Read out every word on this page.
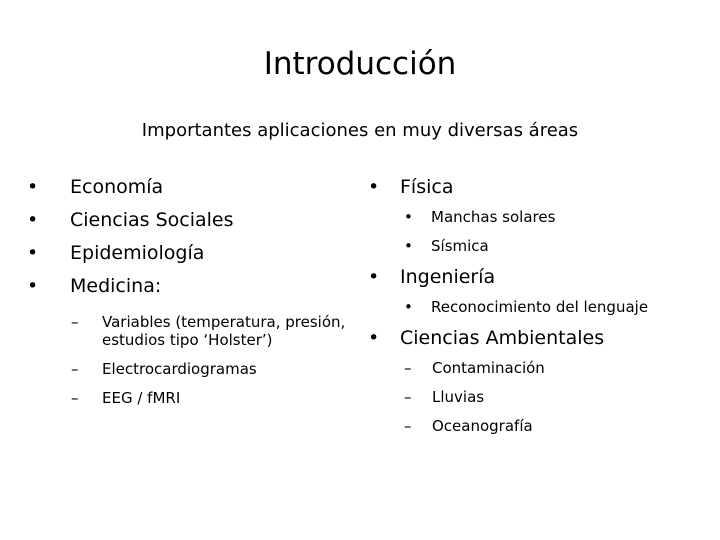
Introducción
Importantes aplicaciones en muy diversas áreas
•	Economía
•	Ciencias Sociales
•	Epidemiología
•	Medicina:
–	Variables (temperatura, presión, estudios tipo ‘Holster’)
–	Electrocardiogramas
–	EEG / fMRI
•	Física
•	Manchas solares
•	Sísmica
•	Ingeniería
•	Reconocimiento del lenguaje
•	Ciencias Ambientales
–	Contaminación
–	Lluvias
–	Oceanografía
